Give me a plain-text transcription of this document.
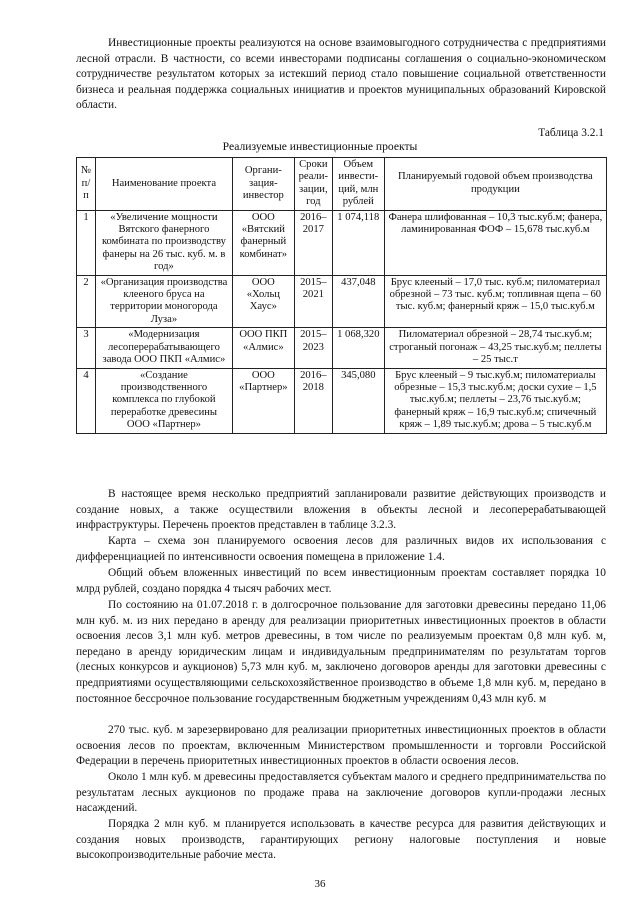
Инвестиционные проекты реализуются на основе взаимовыгодного сотрудничества с предприятиями лесной отрасли. В частности, со всеми инвесторами подписаны соглашения о социально-экономическом сотрудничестве результатом которых за истекший период стало повышение социальной ответственности бизнеса и реальная поддержка социальных инициатив и проектов муниципальных образований Кировской области.

Таблица 3.2.1
Реализуемые инвестиционные проекты
№ п/п	Наименование проекта	Органи-зация-инвестор	Сроки реали-зации, год	Объем инвести-ций, млн рублей	Планируемый годовой объем производства продукции
1	«Увеличение мощности Вятского фанерного комбината по производству фанеры на 26 тыс. куб. м. в год»	ООО «Вятский фанерный комбинат»	2016–2017	1 074,118	Фанера шлифованная – 10,3 тыс.куб.м; фанера, ламинированная ФОФ – 15,678 тыс.куб.м
2	«Организация производства клееного бруса на территории моногорода Луза»	ООО «Хольц Хаус»	2015–2021	437,048	Брус клееный – 17,0 тыс. куб.м; пиломатериал обрезной – 73 тыс. куб.м; топливная щепа – 60 тыс. куб.м; фанерный кряж – 15,0 тыс.куб.м
3	«Модернизация лесоперерабатывающего завода ООО ПКП «Алмис»	ООО ПКП «Алмис»	2015–2023	1 068,320	Пиломатериал обрезной – 28,74 тыс.куб.м; строганый погонаж – 43,25 тыс.куб.м; пеллеты – 25 тыс.т
4	«Создание производственного комплекса по глубокой переработке древесины ООО «Партнер»	ООО «Партнер»	2016–2018	345,080	Брус клееный – 9 тыс.куб.м; пиломатериалы обрезные – 15,3 тыс.куб.м; доски сухие – 1,5 тыс.куб.м; пеллеты – 23,76 тыс.куб.м; фанерный кряж – 16,9 тыс.куб.м; спичечный кряж – 1,89 тыс.куб.м; дрова – 5 тыс.куб.м

В настоящее время несколько предприятий запланировали развитие действующих производств и создание новых, а также осуществили вложения в объекты лесной и лесоперерабатывающей инфраструктуры. Перечень проектов представлен в таблице 3.2.3.

Карта – схема зон планируемого освоения лесов для различных видов их использования с дифференциацией по интенсивности освоения помещена в приложение 1.4.

Общий объем вложенных инвестиций по всем инвестиционным проектам составляет порядка 10 млрд рублей, создано порядка 4 тысяч рабочих мест.

По состоянию на 01.07.2018 г. в долгосрочное пользование для заготовки древесины передано 11,06 млн куб. м. из них передано в аренду для реализации приоритетных инвестиционных проектов в области освоения лесов 3,1 млн куб. метров древесины, в том числе по реализуемым проектам 0,8 млн куб. м, передано в аренду юридическим лицам и индивидуальным предпринимателям по результатам торгов (лесных конкурсов и аукционов) 5,73 млн куб. м, заключено договоров аренды для заготовки древесины с предприятиями осуществляющими сельскохозяйственное производство в объеме 1,8 млн куб. м, передано в постоянное бессрочное пользование государственным бюджетным учреждениям 0,43 млн куб. м

270 тыс. куб. м зарезервировано для реализации приоритетных инвестиционных проектов в области освоения лесов по проектам, включенным Министерством промышленности и торговли Российской Федерации в перечень приоритетных инвестиционных проектов в области освоения лесов.

Около 1 млн куб. м древесины предоставляется субъектам малого и среднего предпринимательства по результатам лесных аукционов по продаже права на заключение договоров купли-продажи лесных насаждений.

Порядка 2 млн куб. м планируется использовать в качестве ресурса для развития действующих и создания новых производств, гарантирующих региону налоговые поступления и новые высокопроизводительные рабочие места.

36
